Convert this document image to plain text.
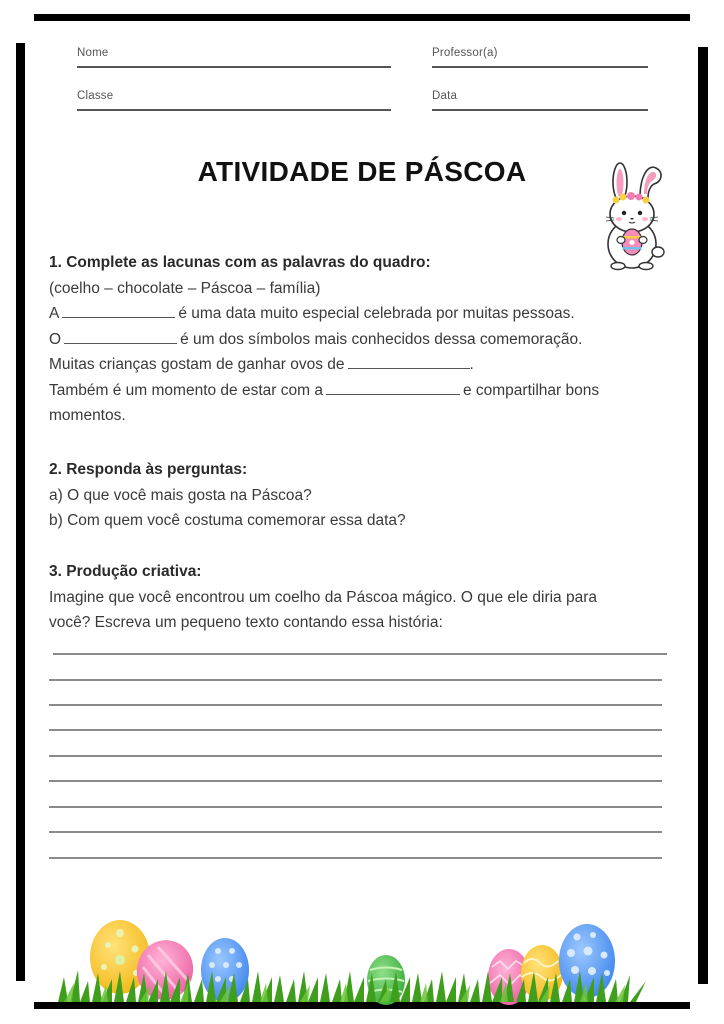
Nome	Professor(a)
Classe	Data
ATIVIDADE DE PÁSCOA
1. Complete as lacunas com as palavras do quadro:
(coelho – chocolate – Páscoa – família)
A	é uma data muito especial celebrada por muitas pessoas.
O	é um dos símbolos mais conhecidos dessa comemoração.
Muitas crianças gostam de ganhar ovos de	.
Também é um momento de estar com a	e compartilhar bons
momentos.
2. Responda às perguntas:
a) O que você mais gosta na Páscoa?
b) Com quem você costuma comemorar essa data?
3. Produção criativa:
Imagine que você encontrou um coelho da Páscoa mágico. O que ele diria para
você? Escreva um pequeno texto contando essa história:
